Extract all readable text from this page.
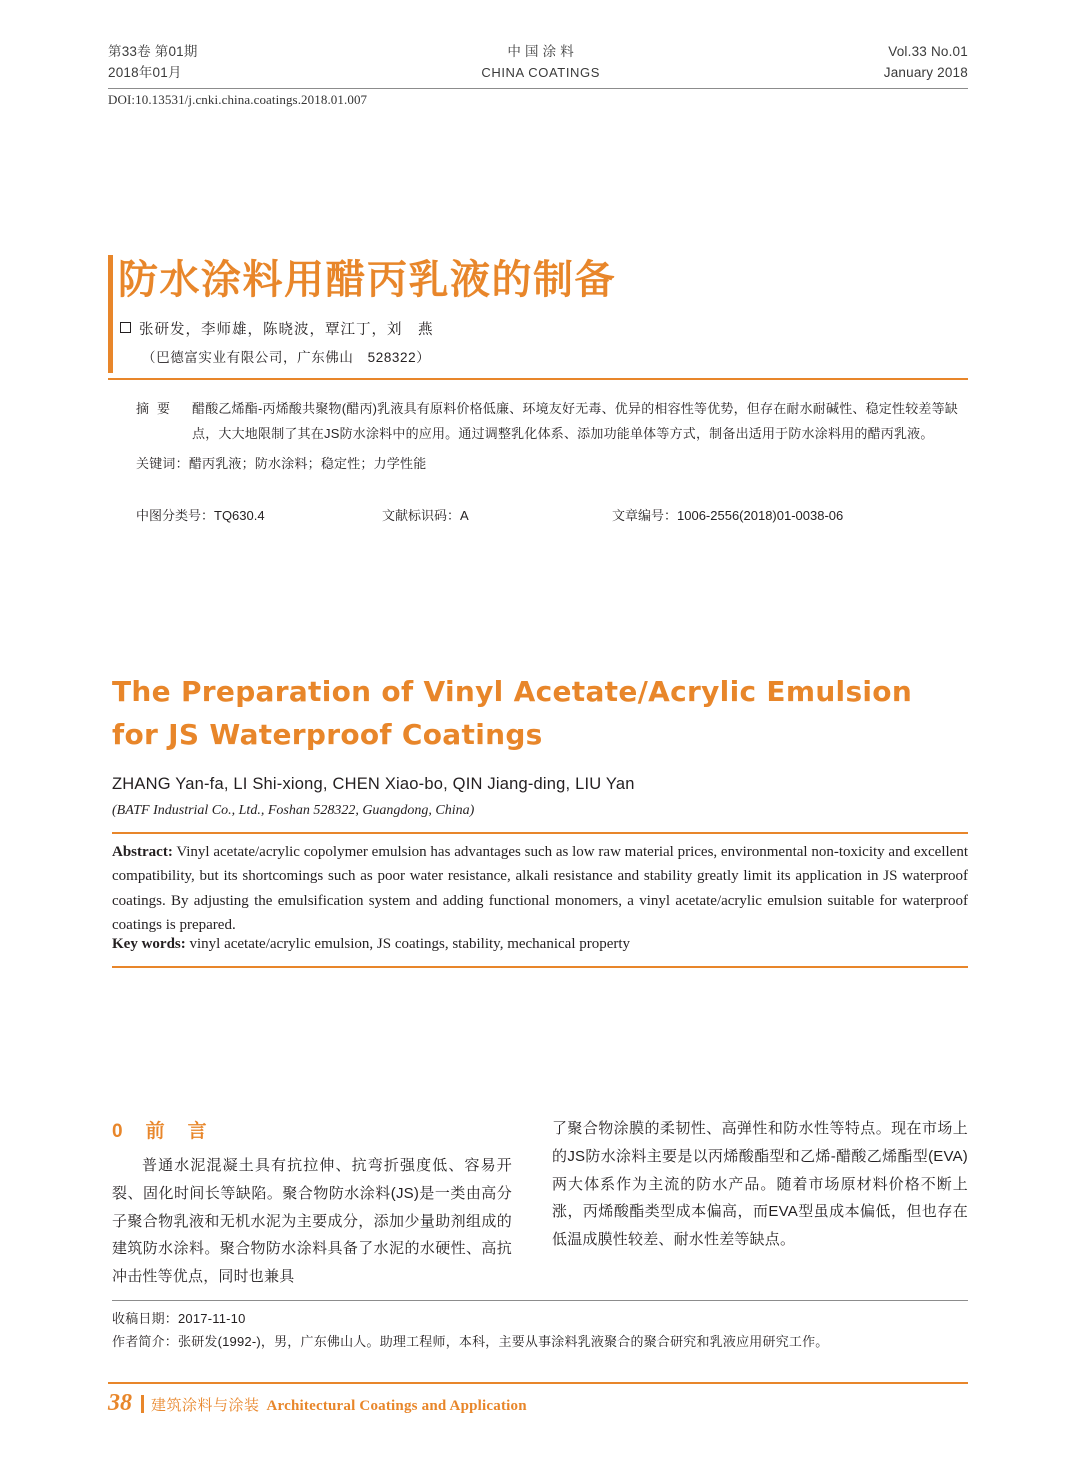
第33卷 第01期
2018年01月
中 国 涂 料
CHINA COATINGS
Vol.33 No.01
January 2018
DOI:10.13531/j.cnki.china.coatings.2018.01.007
防水涂料用醋丙乳液的制备
张研发，李师雄，陈晓波，覃江丁，刘　燕
（巴德富实业有限公司，广东佛山　528322）
摘要	醋酸乙烯酯-丙烯酸共聚物(醋丙)乳液具有原料价格低廉、环境友好无毒、优异的相容性等优势，但存在耐水耐碱性、稳定性较差等缺点，大大地限制了其在JS防水涂料中的应用。通过调整乳化体系、添加功能单体等方式，制备出适用于防水涂料用的醋丙乳液。
关键词： 醋丙乳液；防水涂料；稳定性；力学性能
中图分类号：TQ630.4	文献标识码：A	文章编号：1006-2556(2018)01-0038-06
The Preparation of Vinyl Acetate/Acrylic Emulsion for JS Waterproof Coatings
ZHANG Yan-fa, LI Shi-xiong, CHEN Xiao-bo, QIN Jiang-ding, LIU Yan
(BATF Industrial Co., Ltd., Foshan 528322, Guangdong, China)
Abstract: Vinyl acetate/acrylic copolymer emulsion has advantages such as low raw material prices, environmental non-toxicity and excellent compatibility, but its shortcomings such as poor water resistance, alkali resistance and stability greatly limit its application in JS waterproof coatings. By adjusting the emulsification system and adding functional monomers, a vinyl acetate/acrylic emulsion suitable for waterproof coatings is prepared.
Key words: vinyl acetate/acrylic emulsion, JS coatings, stability, mechanical property
0　前　言

普通水泥混凝土具有抗拉伸、抗弯折强度低、容易开裂、固化时间长等缺陷。聚合物防水涂料(JS)是一类由高分子聚合物乳液和无机水泥为主要成分，添加少量助剂组成的建筑防水涂料。聚合物防水涂料具备了水泥的水硬性、高抗冲击性等优点，同时也兼具

了聚合物涂膜的柔韧性、高弹性和防水性等特点。现在市场上的JS防水涂料主要是以丙烯酸酯型和乙烯-醋酸乙烯酯型(EVA)两大体系作为主流的防水产品。随着市场原材料价格不断上涨，丙烯酸酯类型成本偏高，而EVA型虽成本偏低，但也存在低温成膜性较差、耐水性差等缺点。

收稿日期：2017-11-10
作者简介：张研发(1992-)，男，广东佛山人。助理工程师，本科，主要从事涂料乳液聚合的聚合研究和乳液应用研究工作。
38 建筑涂料与涂装 Architectural Coatings and Application
